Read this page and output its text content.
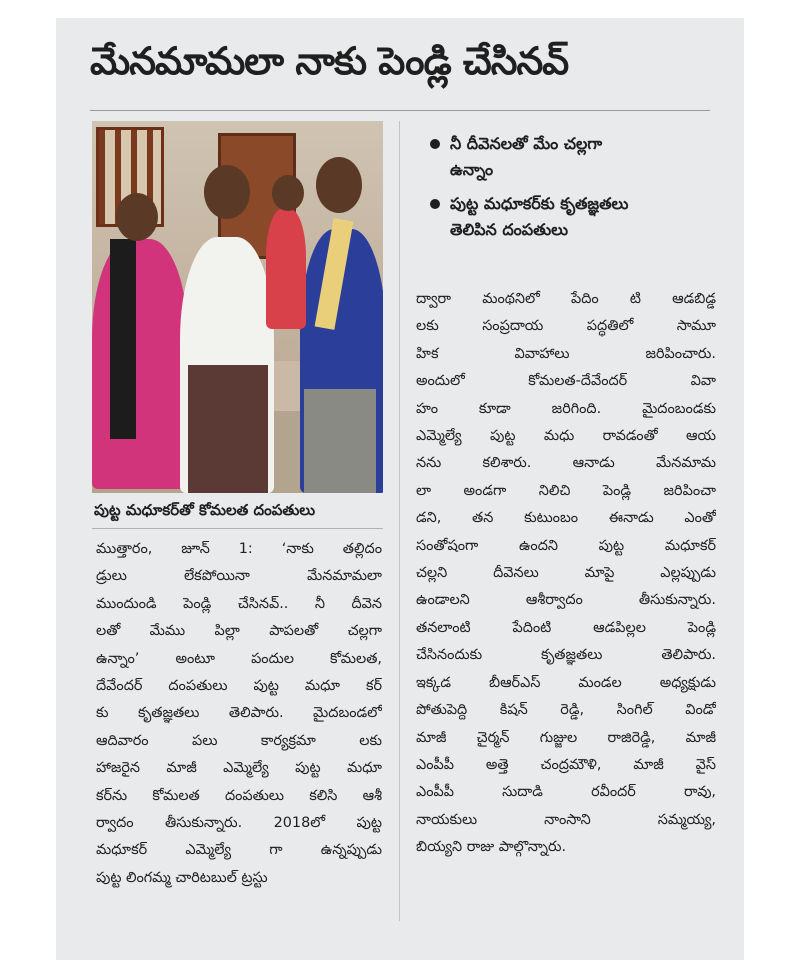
మేనమామలా నాకు పెండ్లి చేసినవ్
పుట్ట మధూకర్‌తో కోమలత దంపతులు

ముత్తారం, జూన్ 1: ‘నాకు తల్లిదం

డ్రులు లేకపోయినా మేనమామలా

ముందుండి పెండ్లి చేసినవ్.. నీ దీవెన

లతో మేము పిల్లా పాపలతో చల్లగా

ఉన్నాం’ అంటూ పందుల కోమలత,

దేవేందర్ దంపతులు పుట్ట మధూ కర్

కు కృతజ్ఞతలు తెలిపారు. మైదబండలో

ఆదివారం పలు కార్యక్రమా లకు

హాజరైన మాజీ ఎమ్మెల్యే పుట్ట మధూ

కర్‌ను కోమలత దంపతులు కలిసి ఆశీ

ర్వాదం తీసుకున్నారు. 2018లో పుట్ట

మధూకర్ ఎమ్మెల్యే గా ఉన్నప్పుడు

పుట్ట లింగమ్మ చారిటబుల్ ట్రస్టు

నీ దీవెనలతో మేం చల్లగా
ఉన్నాం
పుట్ట మధూకర్‌కు కృతజ్ఞతలు
తెలిపిన దంపతులు

ద్వారా మంథనిలో పేదిం టి ఆడబిడ్డ

లకు సంప్రదాయ పద్ధతిలో సామూ

హిక వివాహాలు జరిపించారు.

అందులో కోమలత-దేవేందర్ వివా

హం కూడా జరిగింది. మైదంబండకు

ఎమ్మెల్యే పుట్ట మధు రావడంతో ఆయ

నను కలిశారు. ఆనాడు మేనమామ

లా అండగా నిలిచి పెండ్లి జరిపించా

డని, తన కుటుంబం ఈనాడు ఎంతో

సంతోషంగా ఉందని పుట్ట మధూకర్

చల్లని దీవెనలు మాపై ఎల్లప్పుడు

ఉండాలని ఆశీర్వాదం తీసుకున్నారు.

తనలాంటి పేదింటి ఆడపిల్లల పెండ్లి

చేసినందుకు కృతజ్ఞతలు తెలిపారు.

ఇక్కడ బీఆర్‌ఎస్ మండల అధ్యక్షుడు

పోతుపెద్ది కిషన్ రెడ్డి, సింగిల్ విండో

మాజీ చైర్మన్ గుజ్జుల రాజిరెడ్డి, మాజీ

ఎంపీపీ అత్తె చంద్రమౌళి, మాజీ వైస్

ఎంపీపీ సుదాడి రవీందర్ రావు,

నాయకులు నాంసాని సమ్మయ్య,

బియ్యని రాజు పాల్గొన్నారు.
